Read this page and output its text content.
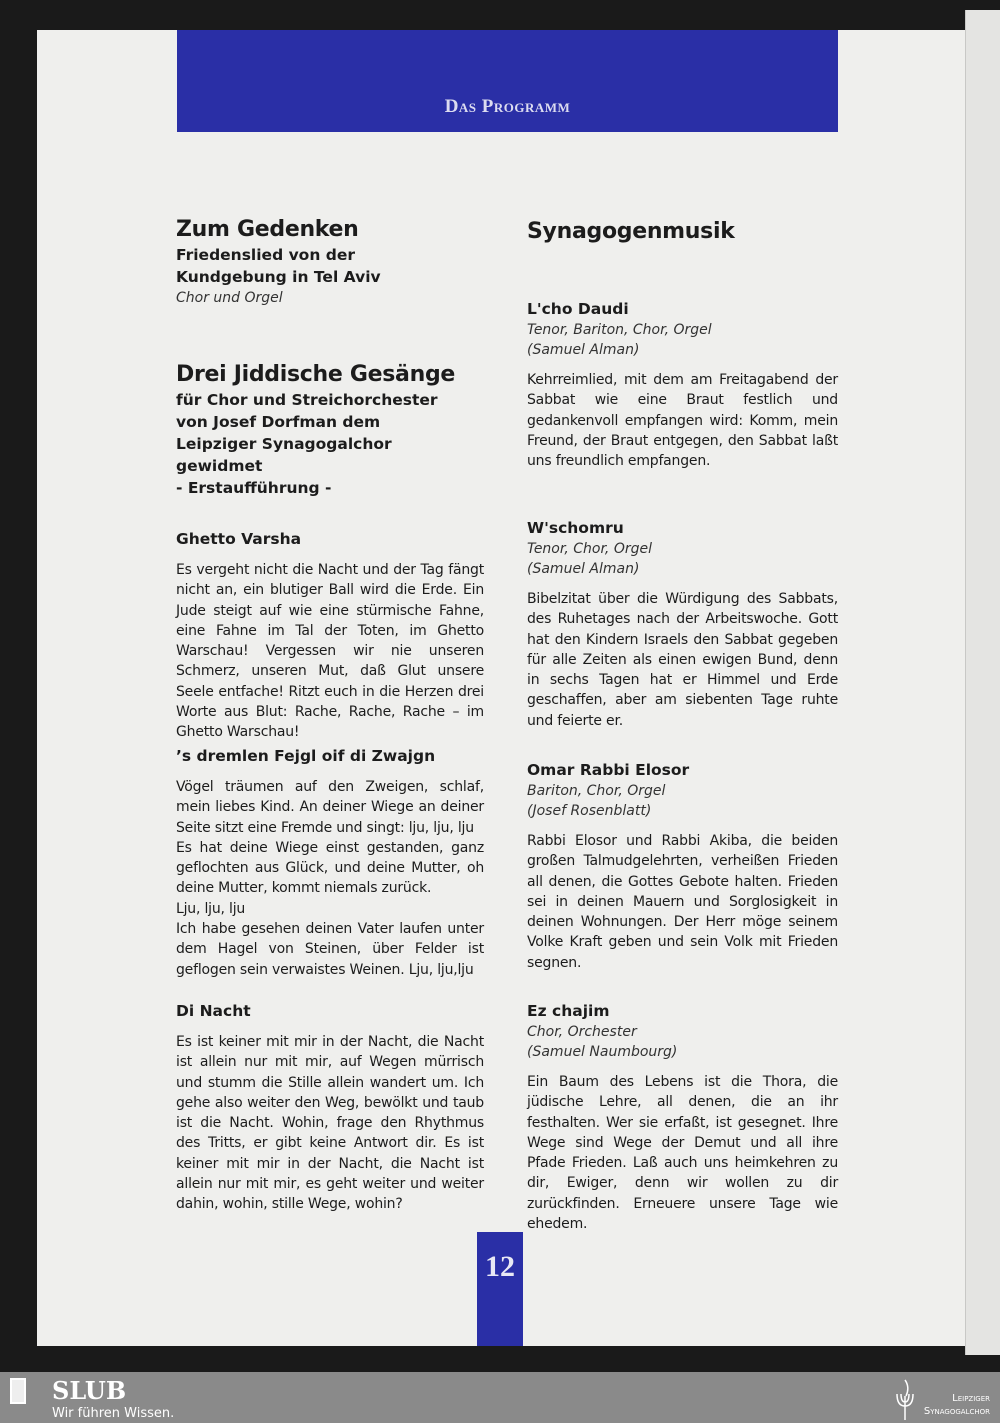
Das Programm
Zum Gedenken
Friedenslied von der Kundgebung in Tel Aviv
Chor und Orgel
Drei Jiddische Gesänge
für Chor und Streichorchester von Josef Dorfman dem Leipziger Synagogalchor gewidmet
- Erstaufführung -
Ghetto Varsha
Es vergeht nicht die Nacht und der Tag fängt nicht an, ein blutiger Ball wird die Erde. Ein Jude steigt auf wie eine stürmische Fahne, eine Fahne im Tal der Toten, im Ghetto Warschau! Vergessen wir nie unseren Schmerz, unseren Mut, daß Glut unsere Seele entfache! Ritzt euch in die Herzen drei Worte aus Blut: Rache, Rache, Rache – im Ghetto Warschau!
’s dremlen Fejgl oif di Zwajgn
Vögel träumen auf den Zweigen, schlaf, mein liebes Kind. An deiner Wiege an deiner Seite sitzt eine Fremde und singt: lju, lju, lju
Es hat deine Wiege einst gestanden, ganz geflochten aus Glück, und deine Mutter, oh deine Mutter, kommt niemals zurück.
Lju, lju, lju
Ich habe gesehen deinen Vater laufen unter dem Hagel von Steinen, über Felder ist geflogen sein verwaistes Weinen. Lju, lju,lju
Di Nacht
Es ist keiner mit mir in der Nacht, die Nacht ist allein nur mit mir, auf Wegen mürrisch und stumm die Stille allein wandert um. Ich gehe also weiter den Weg, bewölkt und taub ist die Nacht. Wohin, frage den Rhythmus des Tritts, er gibt keine Antwort dir. Es ist keiner mit mir in der Nacht, die Nacht ist allein nur mit mir, es geht weiter und weiter dahin, wohin, stille Wege, wohin?
Synagogenmusik
L'cho Daudi
Tenor, Bariton, Chor, Orgel
(Samuel Alman)
Kehrreimlied, mit dem am Freitagabend der Sabbat wie eine Braut festlich und gedankenvoll empfangen wird: Komm, mein Freund, der Braut entgegen, den Sabbat laßt uns freundlich empfangen.
W'schomru
Tenor, Chor, Orgel
(Samuel Alman)
Bibelzitat über die Würdigung des Sabbats, des Ruhetages nach der Arbeitswoche. Gott hat den Kindern Israels den Sabbat gegeben für alle Zeiten als einen ewigen Bund, denn in sechs Tagen hat er Himmel und Erde geschaffen, aber am siebenten Tage ruhte und feierte er.
Omar Rabbi Elosor
Bariton, Chor, Orgel
(Josef Rosenblatt)
Rabbi Elosor und Rabbi Akiba, die beiden großen Talmudgelehrten, verheißen Frieden all denen, die Gottes Gebote halten. Frieden sei in deinen Mauern und Sorglosigkeit in deinen Wohnungen. Der Herr möge seinem Volke Kraft geben und sein Volk mit Frieden segnen.
Ez chajim
Chor, Orchester
(Samuel Naumbourg)
Ein Baum des Lebens ist die Thora, die jüdische Lehre, all denen, die an ihr festhalten. Wer sie erfaßt, ist gesegnet. Ihre Wege sind Wege der Demut und all ihre Pfade Frieden. Laß auch uns heimkehren zu dir, Ewiger, denn wir wollen zu dir zurückfinden. Erneuere unsere Tage wie ehedem.
12
SLUB
Wir führen Wissen.
Leipziger
Synagogalchor
